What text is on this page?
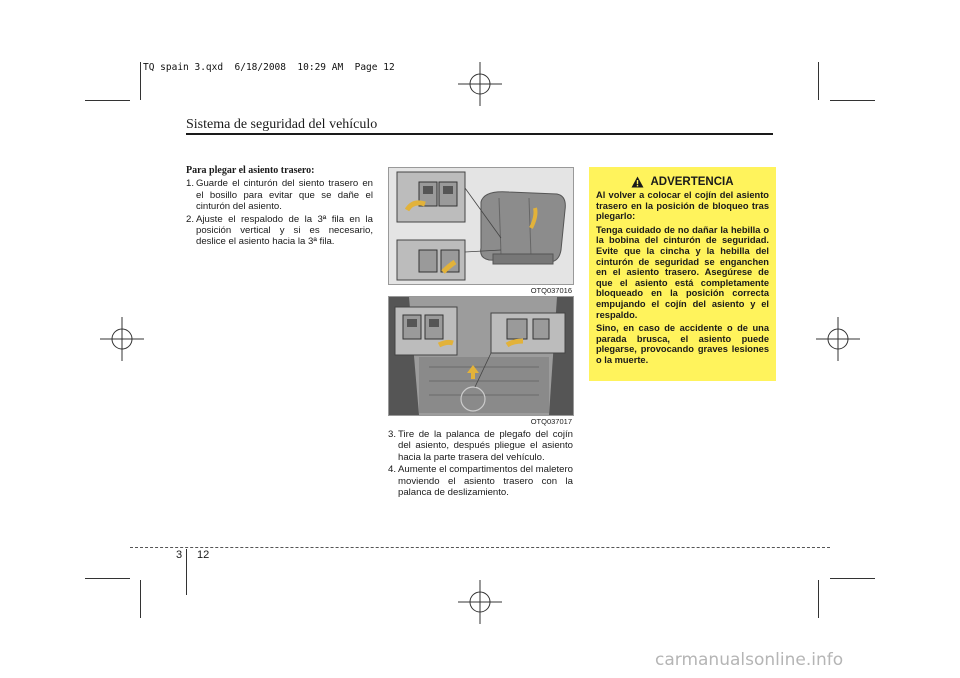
TQ spain 3.qxd  6/18/2008  10:29 AM  Page 12
Sistema de seguridad del vehículo
Para plegar el asiento trasero:
1. Guarde el cinturón del siento trasero en el bosillo para evitar que se dañe el cinturón del asiento.
2. Ajuste el respalodo de la 3ª fila en la posición vertical y si es necesario, deslice el asiento hacia la 3ª fila.
OTQ037016
OTQ037017
3. Tire de la palanca de plegafo del cojín del asiento, después pliegue el asiento hacia la parte trasera del vehículo.
4. Aumente el compartimentos del maletero moviendo el asiento trasero con la palanca de deslizamiento.
ADVERTENCIA

Al volver a colocar el cojín del asiento trasero en la posición de bloqueo tras plegarlo:

Tenga cuidado de no dañar la hebilla o la bobina del cinturón de seguridad. Evite que la cincha y la hebilla del cinturón de seguridad se enganchen en el asiento trasero. Asegúrese de que el asiento está completamente bloqueado en la posición correcta empujando el cojín del asiento y el respaldo.

Sino, en caso de accidente o de una parada brusca, el asiento puede plegarse, provocando graves lesiones o la muerte.

3 12
carmanualsonline.info
